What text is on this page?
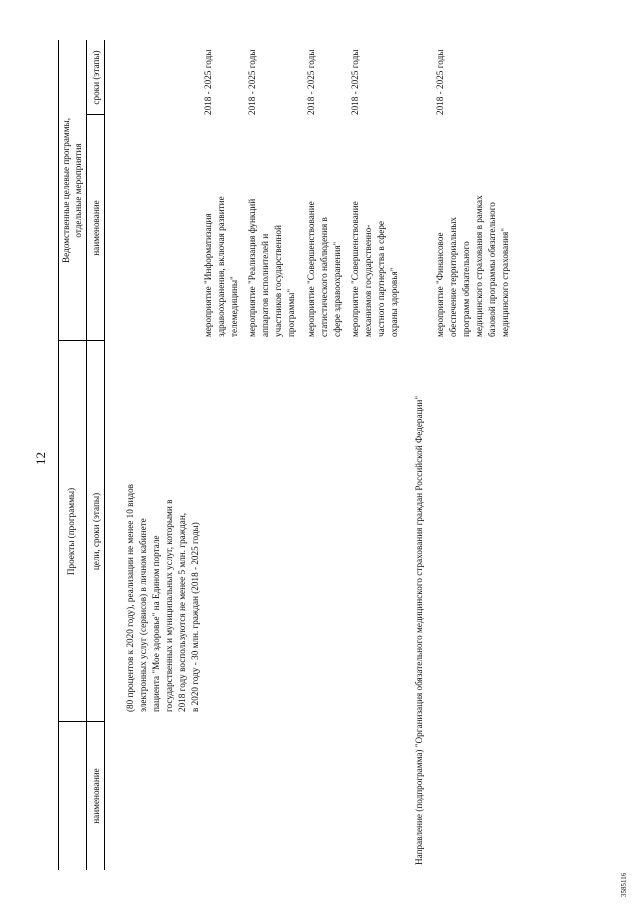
Проекты (программы)
наименование
цели, сроки (этапы)
Ведомственные целевые программы, отдельные мероприятия наименование
сроки (этапы)
(80 процентов к 2020 году), реализации не менее 10 видов электронных услуг (сервисов) в личном кабинете пациента "Мое здоровье" на Едином портале государственных и муниципальных услуг, которыми в 2018 году воспользуются не менее 5 млн. граждан, в 2020 году - 30 млн. граждан (2018 - 2025 годы)
мероприятие "Информатизация здравоохранения, включая развитие телемедицины"
2018 - 2025 годы
мероприятие "Реализация функций аппаратов исполнителей и участников государственной программы"
2018 - 2025 годы
мероприятие "Совершенствование статистического наблюдения в сфере здравоохранения"
2018 - 2025 годы
мероприятие "Совершенствование механизмов государственно- частного партнерства в сфере охраны здоровья"
2018 - 2025 годы
Направление (подпрограмма) "Организация обязательного медицинского страхования граждан Российской Федерации"
мероприятие "Финансовое обеспечение территориальных программ обязательного медицинского страхования в рамках базовой программы обязательного медицинского страхования"
2018 - 2025 годы
12
3585116
